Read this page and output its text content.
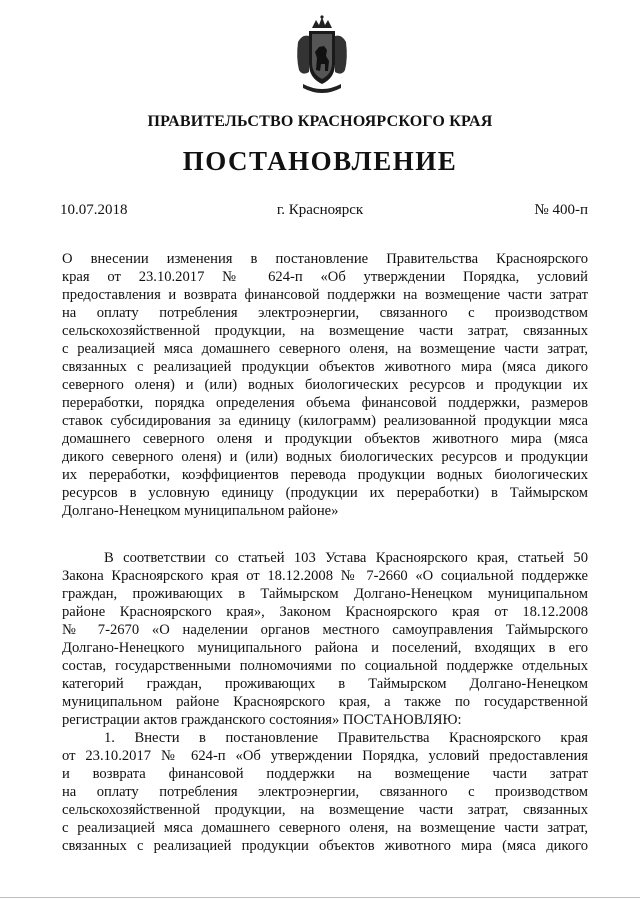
ПРАВИТЕЛЬСТВО КРАСНОЯРСКОГО КРАЯ
ПОСТАНОВЛЕНИЕ
10.07.2018	г. Красноярск	№ 400-п
О внесении изменения в постановление Правительства Красноярского
края от 23.10.2017 № 624-п «Об утверждении Порядка, условий
предоставления и возврата финансовой поддержки на возмещение части затрат
на оплату потребления электроэнергии, связанного с производством
сельскохозяйственной продукции, на возмещение части затрат, связанных
с реализацией мяса домашнего северного оленя, на возмещение части затрат,
связанных с реализацией продукции объектов животного мира (мяса дикого
северного оленя) и (или) водных биологических ресурсов и продукции их
переработки, порядка определения объема финансовой поддержки, размеров
ставок субсидирования за единицу (килограмм) реализованной продукции мяса
домашнего северного оленя и продукции объектов животного мира (мяса
дикого северного оленя) и (или) водных биологических ресурсов и продукции
их переработки, коэффициентов перевода продукции водных биологических
ресурсов в условную единицу (продукции их переработки) в Таймырском
Долгано-Ненецком муниципальном районе»
В соответствии со статьей 103 Устава Красноярского края, статьей 50
Закона Красноярского края от 18.12.2008 № 7-2660 «О социальной поддержке
граждан, проживающих в Таймырском Долгано-Ненецком муниципальном
районе Красноярского края», Законом Красноярского края от 18.12.2008
№ 7-2670 «О наделении органов местного самоуправления Таймырского
Долгано-Ненецкого муниципального района и поселений, входящих в его
состав, государственными полномочиями по социальной поддержке отдельных
категорий граждан, проживающих в Таймырском Долгано-Ненецком
муниципальном районе Красноярского края, а также по государственной
регистрации актов гражданского состояния» ПОСТАНОВЛЯЮ:
1. Внести в постановление Правительства Красноярского края
от 23.10.2017 № 624-п «Об утверждении Порядка, условий предоставления
и возврата финансовой поддержки на возмещение части затрат
на оплату потребления электроэнергии, связанного с производством
сельскохозяйственной продукции, на возмещение части затрат, связанных
с реализацией мяса домашнего северного оленя, на возмещение части затрат,
связанных с реализацией продукции объектов животного мира (мяса дикого
